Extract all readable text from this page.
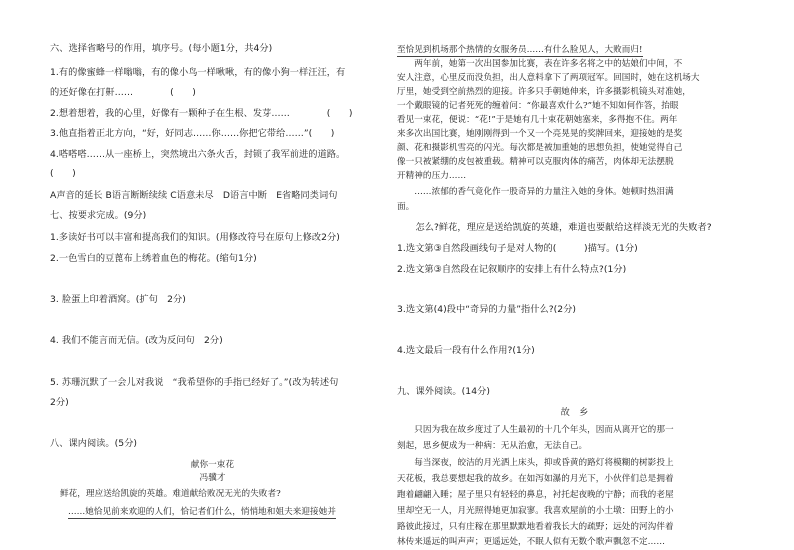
六、选择省略号的作用，填序号。(每小题1分，共4分)
1.有的像蜜蜂一样嗡嗡，有的像小鸟一样啾啾，有的像小狗一样汪汪，有
的还好像在打鼾……　　　　(　　)
2.想着想着，我的心里，好像有一颗种子在生根、发芽……　　　　(　　)
3.他直指着正北方向，“好，好同志……你……你把它带给……”(　　)
4.嗒嗒嗒……从一座桥上，突然境出六条火舌，封锁了我军前进的道路。
(　　)
A声音的延长 B语言断断续续 C语意未尽　D语言中断　E省略同类词句
七、按要求完成。(9分)
1.多读好书可以丰富和提高我们的知识。(用修改符号在原句上修改2分)
2.一色雪白的豆蓖布上绣着血色的梅花。(缩句1分)
3. 脸蛋上印着酒窝。(扩句　2分)
4. 我们不能言而无信。(改为反问句　2分)
5. 苏珊沉默了一会儿对我说　“我希望你的手指已经好了。”(改为转述句
2分)
八、课内阅读。(5分)
献你一束花
冯骥才
鲜花，理应送给凯旋的英雄。难道献给败况无光的失败者?
……她恰见前来欢迎的人们，恰记者们什么，悄悄地和姐夫来迎接她并
至恰见到机场那个热情的女服务员……有什么脸见人，大败而归!
　　两年前，她第一次出国参加比赛，表在许多名将之中的姑娘们中间，不
安人注意，心里反而没负担，出人意料拿下了两项冠军。回国时，她在这机场大
厅里，她受到空前热烈的迎接。许多只手朝她伸来，许多摄影机镜头对准她，
一个戴眼镜的记者死死的缠着问：“你最喜欢什么?”她不知如何作答，抬眼
看见一束花，便说：“花!”于是她有几十束花朝她塞来，多得抱不住。两年
来多次出国比赛，她刚刚得到一个又一个亮晃晃的奖牌回来，迎接她的是奖
颜、花和摄影机雪亮的闪光。每次都是被加重她的思想负担，使她觉得自己
像一只被紧绷的皮包被重载。精神可以克服肉体的痛苦，肉体却无法摆脱
开精神的压力……
　　……浓郁的香气竟化作一股奇异的力量注入她的身体。她顿时热泪满
面。
　　怎么?鲜花，理应是送给凯旋的英雄，难道也要献给这样淡无光的失败者?
1.选文第③自然段画线句子是对人物的(　　　)描写。(1分)
2.选文第③自然段在记叙顺序的安排上有什么特点?(1分)
3.选文第(4)段中“奇异的力量”指什么?(2分)
4.选文最后一段有什么作用?(1分)
九、课外阅读。(14分)
故　乡
　　只因为我在故乡度过了人生最初的十几个年头，因而从离开它的那一
刻起，思乡便成为一种病：无从治愈，无法自己。
　　每当深夜，皎洁的月光洒上床头，抑或昏黄的路灯将模糊的树影投上
天花板，我总要想起我的故乡。在如泻如瀑的月光下，小伙伴们总是拥着
跑着翩翩入睡；屋子里只有轻轻的鼻息，衬托起夜晚的宁静；而我的老屋
里却空无一人，月光照得她更加寂寥。我喜欢屋前的小土墩：田野上的小
路彼此接过，只有庄稼在那里默默地看着我长大的疏野；远处的河沟伴着
林传来遥远的叫声声；更遥远处，不眠人似有无数个歌声飘忽不定……
